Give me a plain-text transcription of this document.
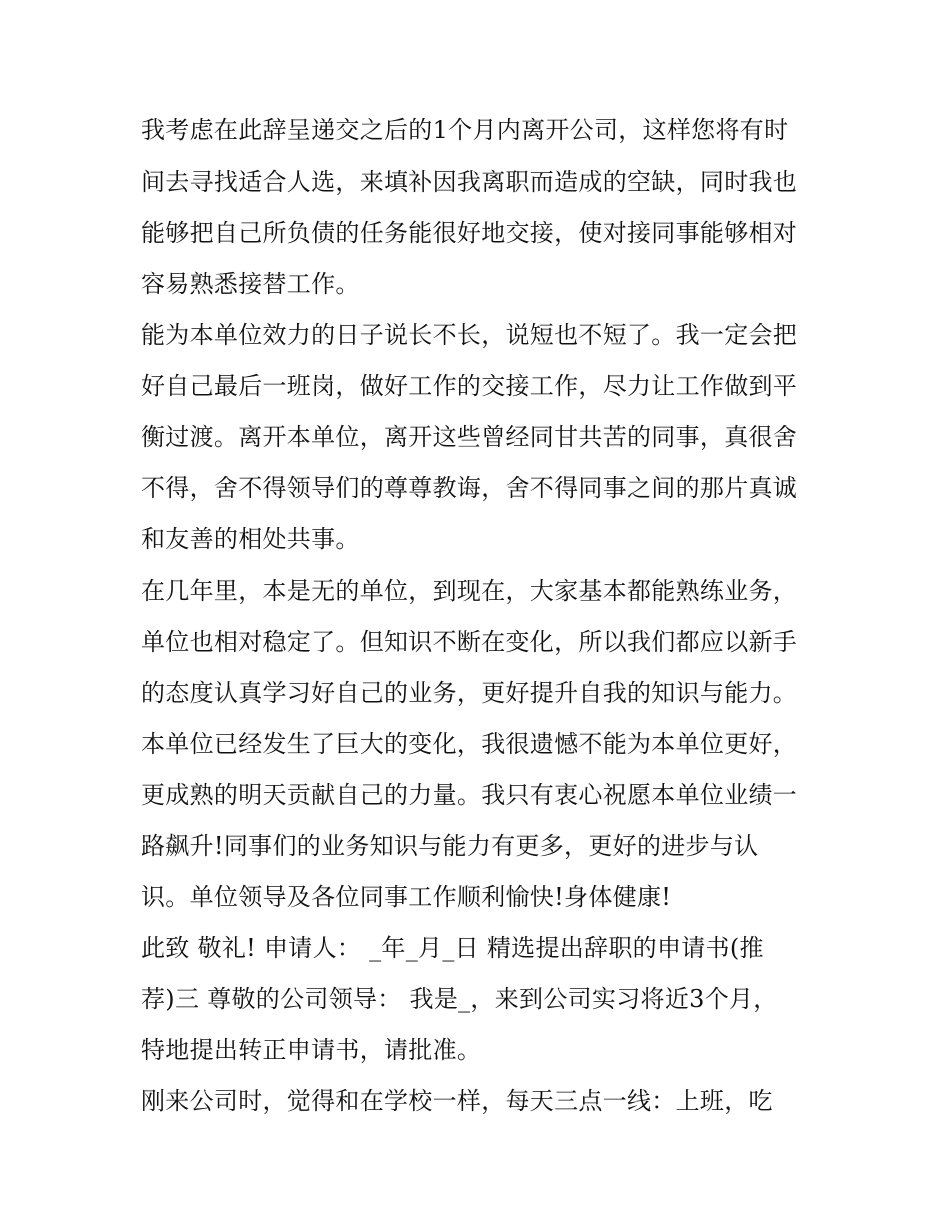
我考虑在此辞呈递交之后的1个月内离开公司，这样您将有时
间去寻找适合人选，来填补因我离职而造成的空缺，同时我也
能够把自己所负债的任务能很好地交接，使对接同事能够相对
容易熟悉接替工作。
能为本单位效力的日子说长不长，说短也不短了。我一定会把
好自己最后一班岗，做好工作的交接工作，尽力让工作做到平
衡过渡。离开本单位，离开这些曾经同甘共苦的同事，真很舍
不得，舍不得领导们的尊尊教诲，舍不得同事之间的那片真诚
和友善的相处共事。
在几年里，本是无的单位，到现在，大家基本都能熟练业务，
单位也相对稳定了。但知识不断在变化，所以我们都应以新手
的态度认真学习好自己的业务，更好提升自我的知识与能力。
本单位已经发生了巨大的变化，我很遗憾不能为本单位更好，
更成熟的明天贡献自己的力量。我只有衷心祝愿本单位业绩一
路飙升!同事们的业务知识与能力有更多，更好的进步与认
识。单位领导及各位同事工作顺利愉快!身体健康!
此致 敬礼! 申请人： _年_月_日 精选提出辞职的申请书(推
荐)三 尊敬的公司领导： 我是_，来到公司实习将近3个月，
特地提出转正申请书，请批准。
刚来公司时，觉得和在学校一样，每天三点一线：上班，吃
